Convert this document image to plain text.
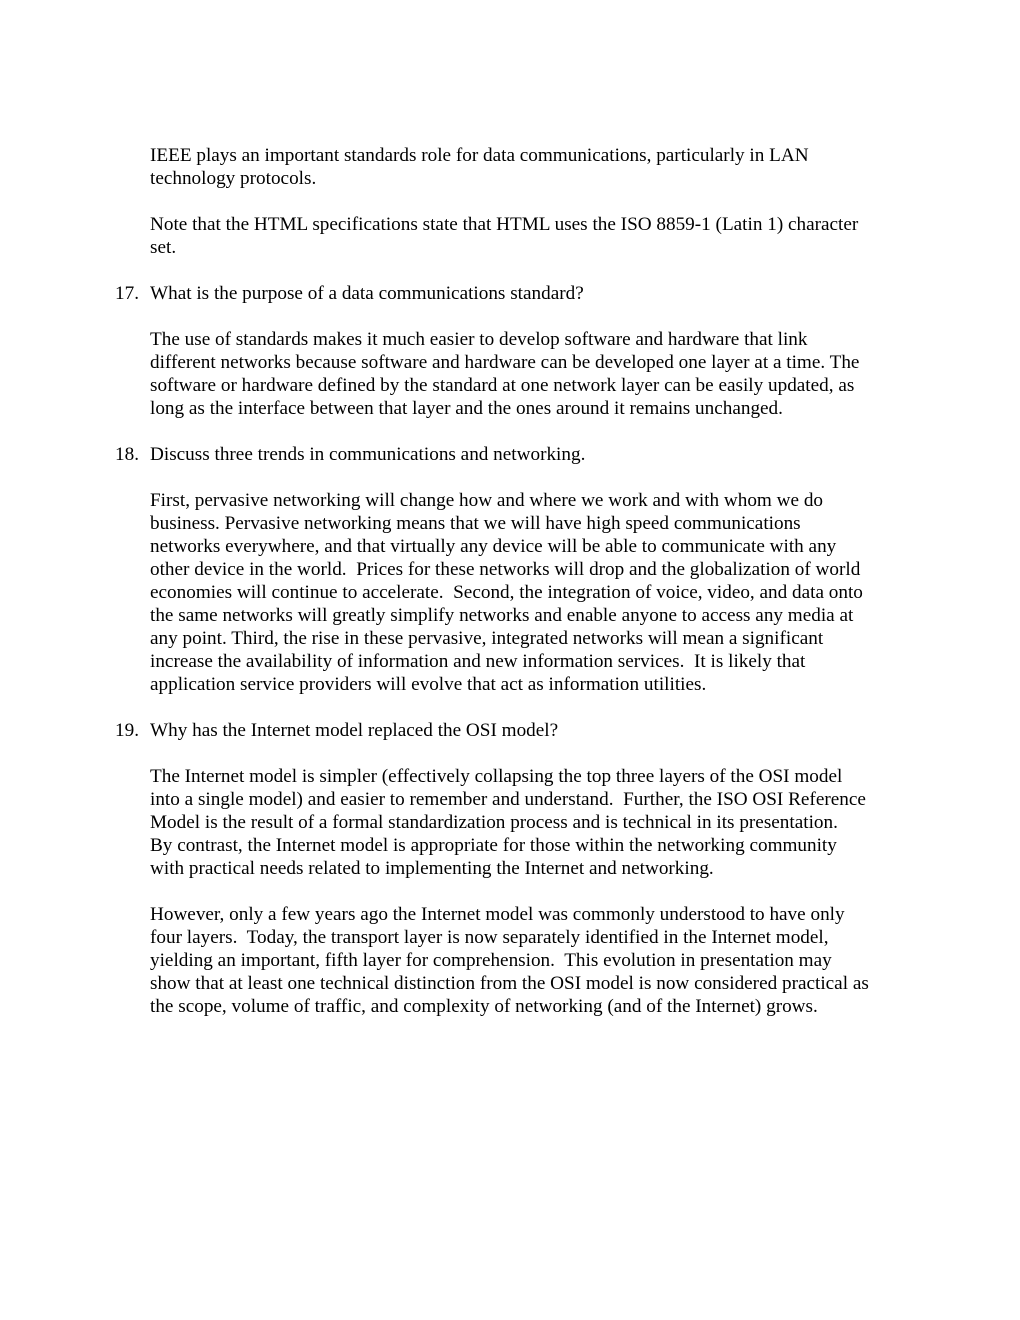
IEEE plays an important standards role for data communications, particularly in LAN
technology protocols.
Note that the HTML specifications state that HTML uses the ISO 8859-1 (Latin 1) character
set.
17. What is the purpose of a data communications standard?
The use of standards makes it much easier to develop software and hardware that link
different networks because software and hardware can be developed one layer at a time. The
software or hardware defined by the standard at one network layer can be easily updated, as
long as the interface between that layer and the ones around it remains unchanged.
18. Discuss three trends in communications and networking.
First, pervasive networking will change how and where we work and with whom we do
business. Pervasive networking means that we will have high speed communications
networks everywhere, and that virtually any device will be able to communicate with any
other device in the world.  Prices for these networks will drop and the globalization of world
economies will continue to accelerate.  Second, the integration of voice, video, and data onto
the same networks will greatly simplify networks and enable anyone to access any media at
any point. Third, the rise in these pervasive, integrated networks will mean a significant
increase the availability of information and new information services.  It is likely that
application service providers will evolve that act as information utilities.
19. Why has the Internet model replaced the OSI model?
The Internet model is simpler (effectively collapsing the top three layers of the OSI model
into a single model) and easier to remember and understand.  Further, the ISO OSI Reference
Model is the result of a formal standardization process and is technical in its presentation.
By contrast, the Internet model is appropriate for those within the networking community
with practical needs related to implementing the Internet and networking.
However, only a few years ago the Internet model was commonly understood to have only
four layers.  Today, the transport layer is now separately identified in the Internet model,
yielding an important, fifth layer for comprehension.  This evolution in presentation may
show that at least one technical distinction from the OSI model is now considered practical as
the scope, volume of traffic, and complexity of networking (and of the Internet) grows.
